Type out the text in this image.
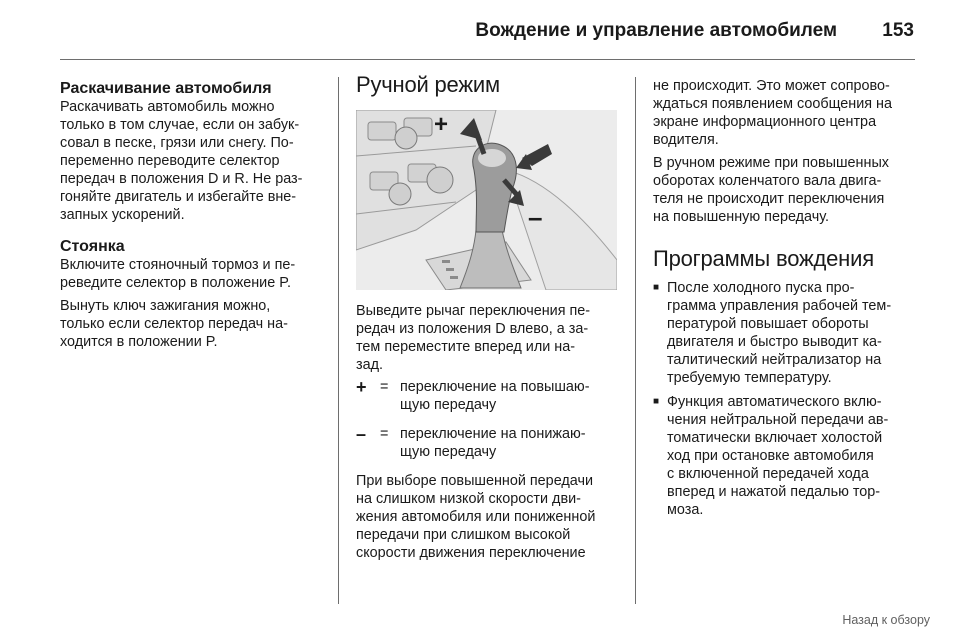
Вождение и управление автомобилем 153
Раскачивание автомобиля

Раскачивать автомобиль можно
только в том случае, если он забук-
совал в песке, грязи или снегу. По-
переменно переводите селектор
передач в положения D и R. Не раз-
гоняйте двигатель и избегайте вне-
запных ускорений.

Стоянка

Включите стояночный тормоз и пе-
реведите селектор в положение P.

Вынуть ключ зажигания можно,
только если селектор передач на-
ходится в положении P.

Ручной режим
+
–

Выведите рычаг переключения пе-
редач из положения D влево, а за-
тем переместите вперед или на-
зад.

+ = переключение на повышаю-
щую передачу
– = переключение на понижаю-
щую передачу

При выборе повышенной передачи
на слишком низкой скорости дви-
жения автомобиля или пониженной
передачи при слишком высокой
скорости движения переключение

не происходит. Это может сопрово-
ждаться появлением сообщения на
экране информационного центра
водителя.

В ручном режиме при повышенных
оборотах коленчатого вала двига-
теля не происходит переключения
на повышенную передачу.

Программы вождения
■ После холодного пуска про-
грамма управления рабочей тем-
пературой повышает обороты
двигателя и быстро выводит ка-
талитический нейтрализатор на
требуемую температуру.
■ Функция автоматического вклю-
чения нейтральной передачи ав-
томатически включает холостой
ход при остановке автомобиля
с включенной передачей хода
вперед и нажатой педалью тор-
моза.
Назад к обзору
